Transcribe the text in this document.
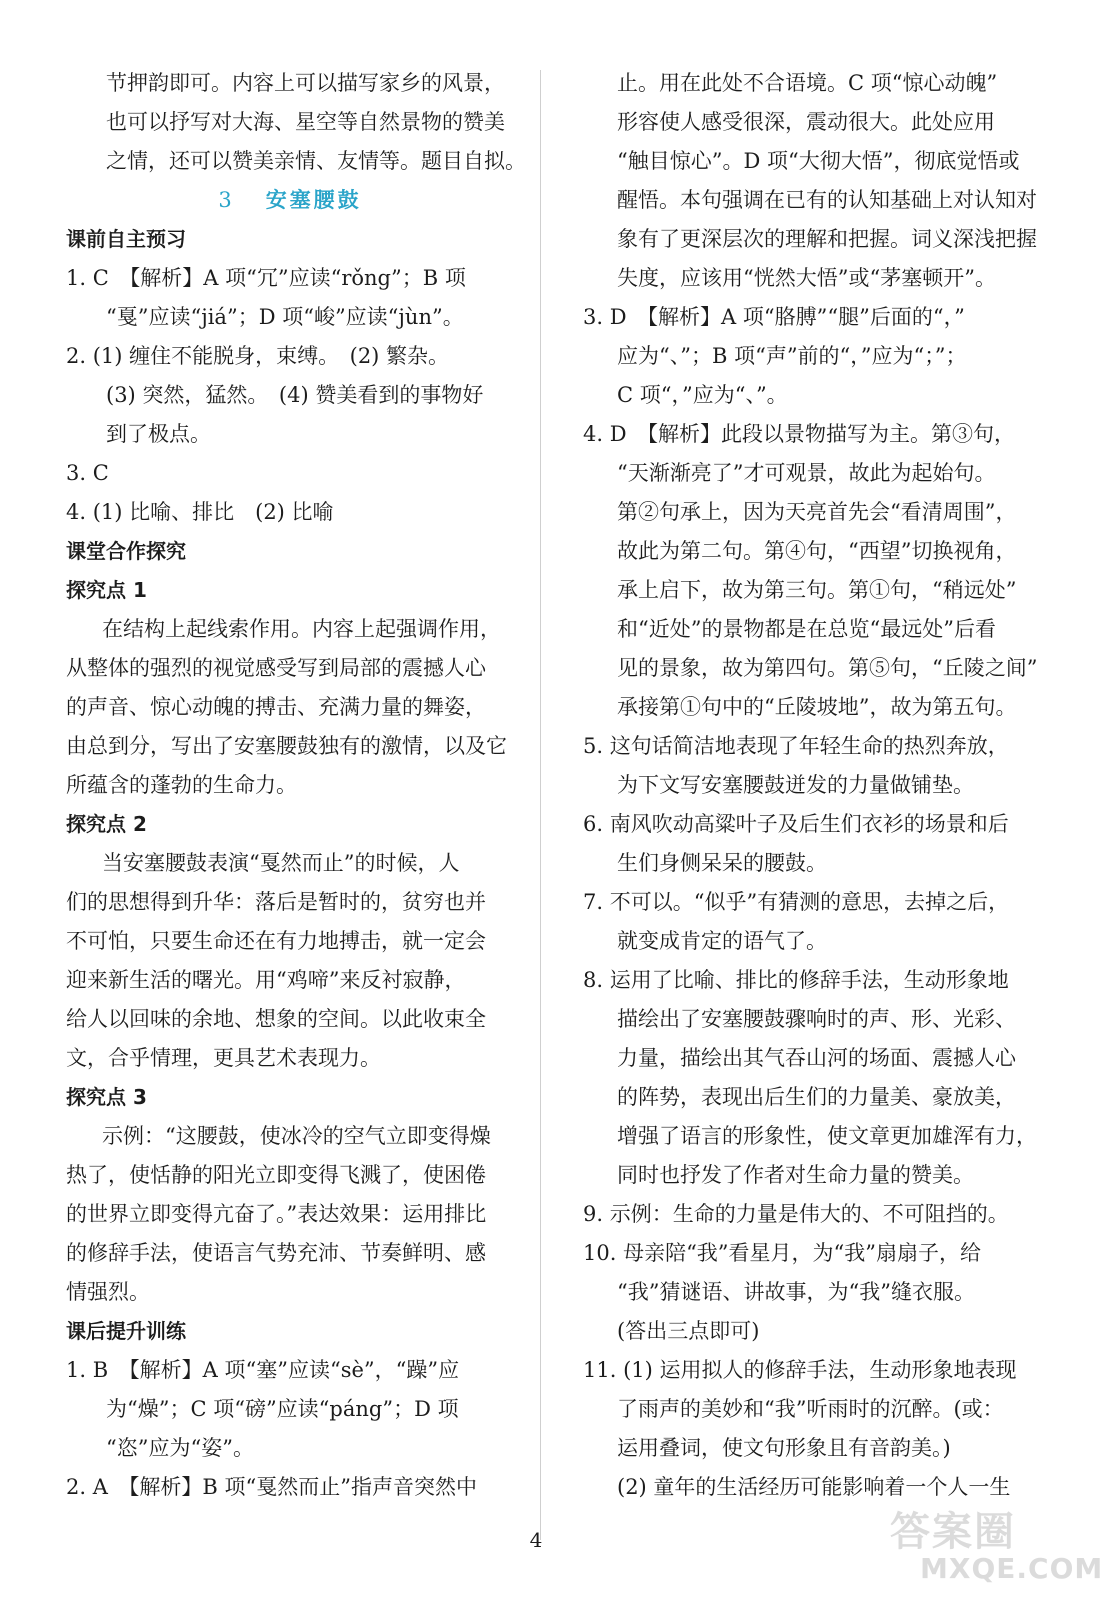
节押韵即可。内容上可以描写家乡的风景，
也可以抒写对大海、星空等自然景物的赞美
之情，还可以赞美亲情、友情等。题目自拟。
3 安塞腰鼓
课前自主预习
1. C　【解析】A 项“冗”应读“rǒng”；B 项
“戛”应读“jiá”；D 项“峻”应读“jùn”。
2. (1) 缠住不能脱身，束缚。　(2) 繁杂。
(3) 突然，猛然。　(4) 赞美看到的事物好
到了极点。
3. C
4. (1) 比喻、排比　(2) 比喻
课堂合作探究
探究点 1
在结构上起线索作用。内容上起强调作用，
从整体的强烈的视觉感受写到局部的震撼人心
的声音、惊心动魄的搏击、充满力量的舞姿，
由总到分，写出了安塞腰鼓独有的激情，以及它
所蕴含的蓬勃的生命力。
探究点 2
当安塞腰鼓表演“戛然而止”的时候，人
们的思想得到升华：落后是暂时的，贫穷也并
不可怕，只要生命还在有力地搏击，就一定会
迎来新生活的曙光。用“鸡啼”来反衬寂静，
给人以回味的余地、想象的空间。以此收束全
文，合乎情理，更具艺术表现力。
探究点 3
示例：“这腰鼓，使冰冷的空气立即变得燥
热了，使恬静的阳光立即变得飞溅了，使困倦
的世界立即变得亢奋了。”表达效果：运用排比
的修辞手法，使语言气势充沛、节奏鲜明、感
情强烈。
课后提升训练
1. B　【解析】A 项“塞”应读“sè”，“躁”应
为“燥”；C 项“磅”应读“páng”；D 项
“恣”应为“姿”。
2. A　【解析】B 项“戛然而止”指声音突然中
止。用在此处不合语境。C 项“惊心动魄”
形容使人感受很深，震动很大。此处应用
“触目惊心”。D 项“大彻大悟”，彻底觉悟或
醒悟。本句强调在已有的认知基础上对认知对
象有了更深层次的理解和把握。词义深浅把握
失度，应该用“恍然大悟”或“茅塞顿开”。
3. D　【解析】A 项“胳膊”“腿”后面的“，”
应为“、”；B 项“声”前的“，”应为“；”；
C 项“，”应为“、”。
4. D　【解析】此段以景物描写为主。第③句，
“天渐渐亮了”才可观景，故此为起始句。
第②句承上，因为天亮首先会“看清周围”，
故此为第二句。第④句，“西望”切换视角，
承上启下，故为第三句。第①句，“稍远处”
和“近处”的景物都是在总览“最远处”后看
见的景象，故为第四句。第⑤句，“丘陵之间”
承接第①句中的“丘陵坡地”，故为第五句。
5. 这句话简洁地表现了年轻生命的热烈奔放，
为下文写安塞腰鼓迸发的力量做铺垫。
6. 南风吹动高粱叶子及后生们衣衫的场景和后
生们身侧呆呆的腰鼓。
7. 不可以。“似乎”有猜测的意思，去掉之后，
就变成肯定的语气了。
8. 运用了比喻、排比的修辞手法，生动形象地
描绘出了安塞腰鼓骤响时的声、形、光彩、
力量，描绘出其气吞山河的场面、震撼人心
的阵势，表现出后生们的力量美、豪放美，
增强了语言的形象性，使文章更加雄浑有力，
同时也抒发了作者对生命力量的赞美。
9. 示例：生命的力量是伟大的、不可阻挡的。
10. 母亲陪“我”看星月，为“我”扇扇子，给
“我”猜谜语、讲故事，为“我”缝衣服。
(答出三点即可)
11. (1) 运用拟人的修辞手法，生动形象地表现
了雨声的美妙和“我”听雨时的沉醉。(或：
运用叠词，使文句形象且有音韵美。)
(2) 童年的生活经历可能影响着一个人一生
4	答案圈
MXQE.COM
